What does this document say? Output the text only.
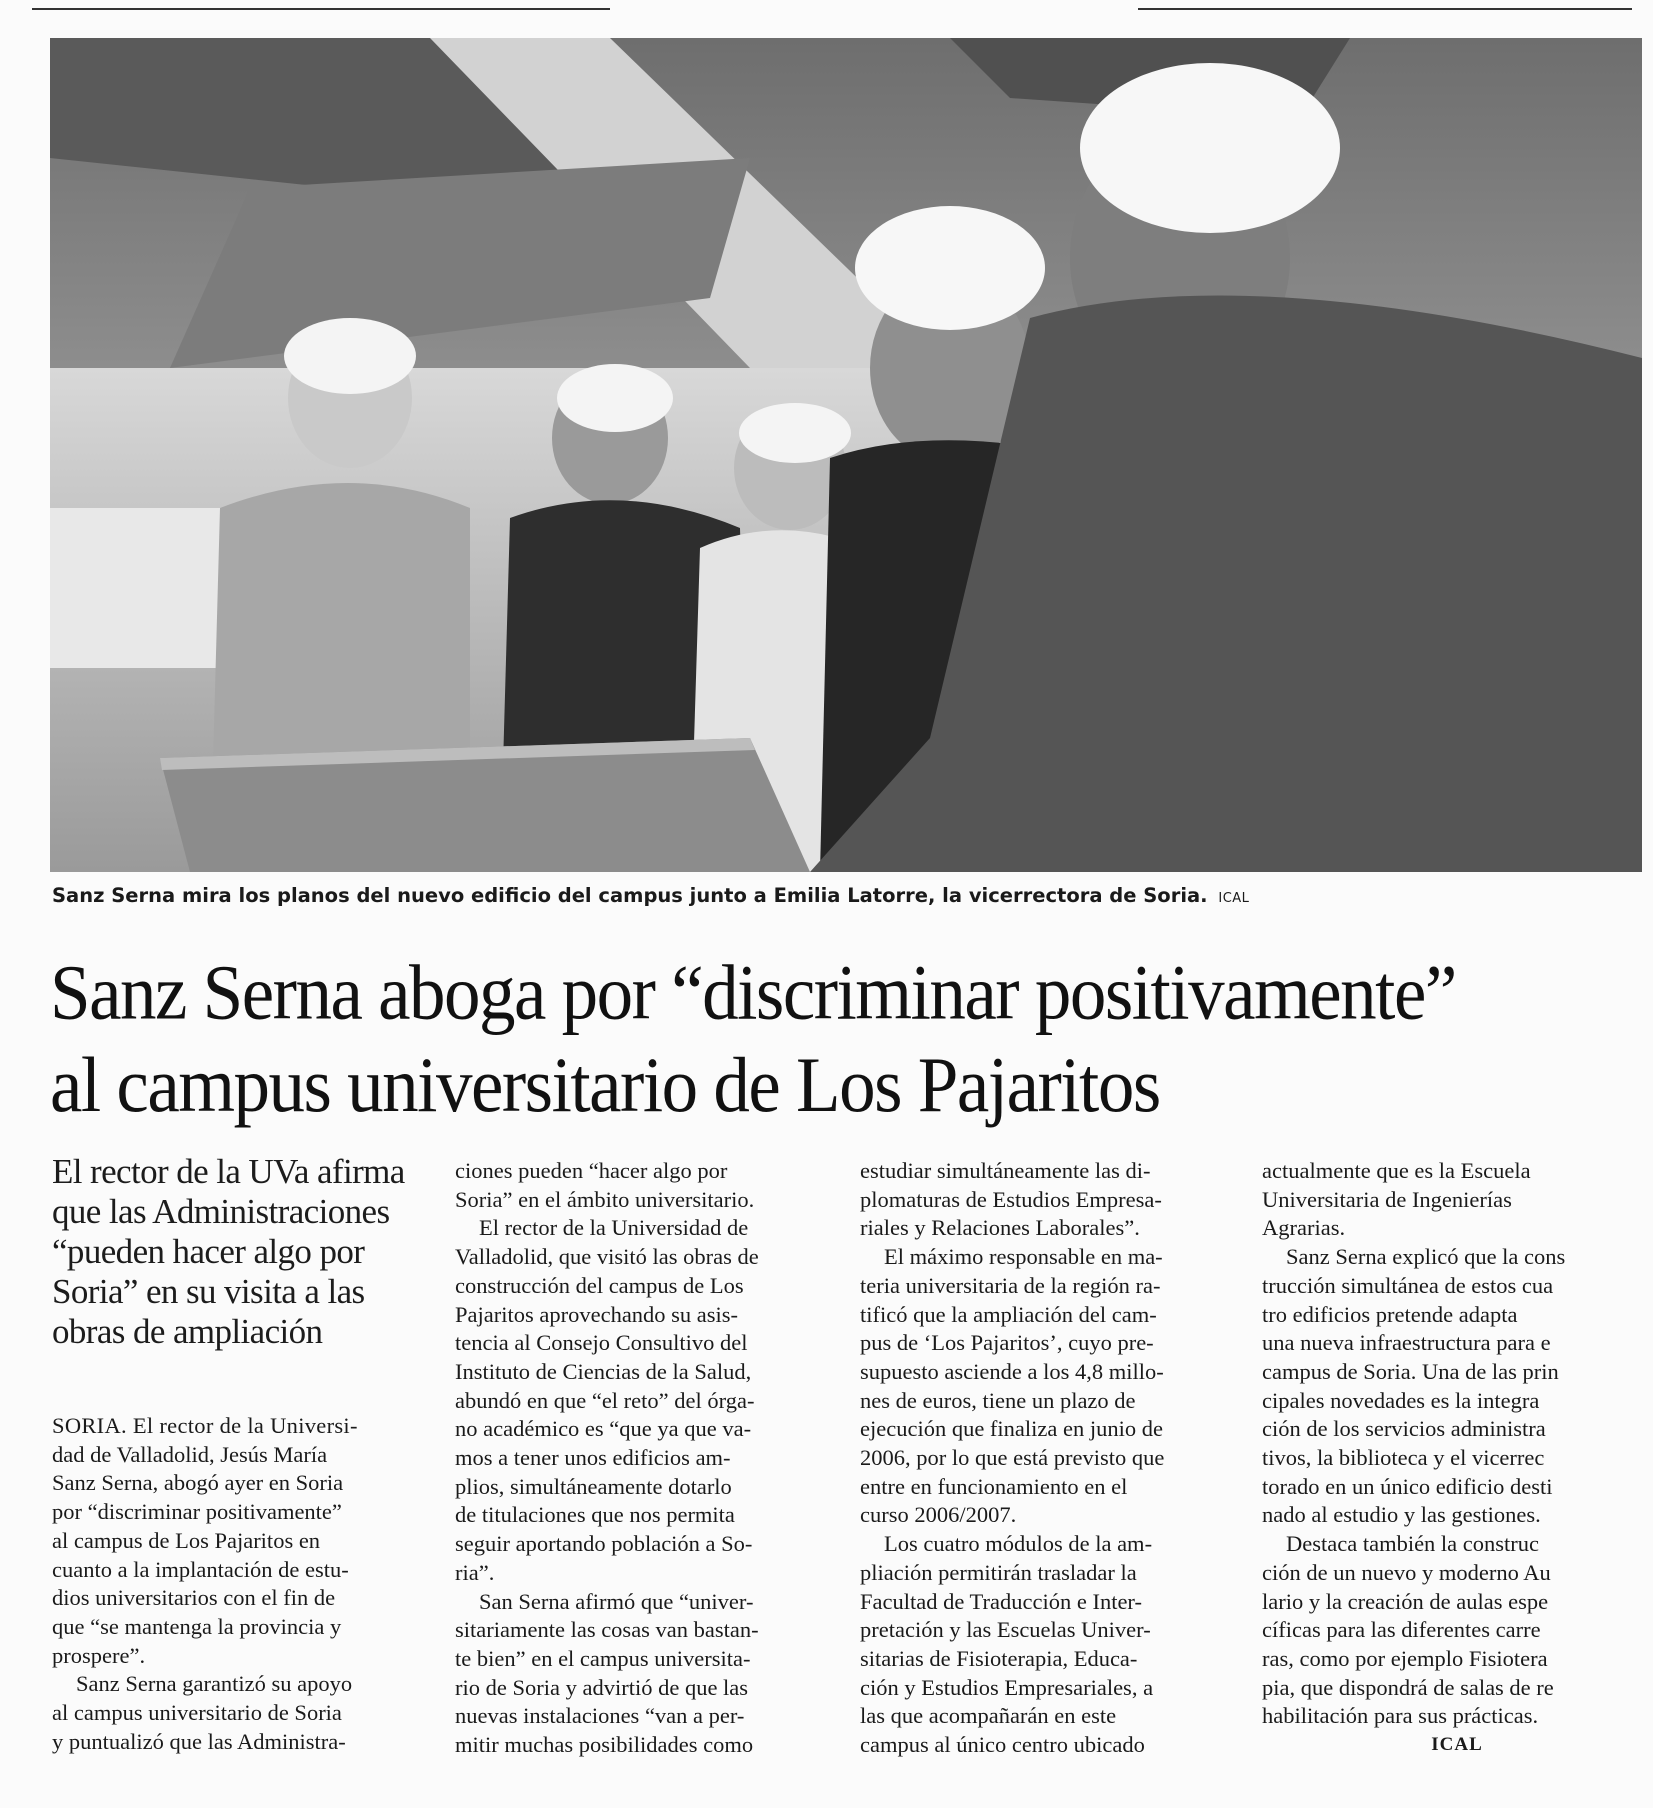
Sanz Serna mira los planos del nuevo edificio del campus junto a Emilia Latorre, la vicerrectora de Soria. ICAL
Sanz Serna aboga por “discriminar positivamente”
al campus universitario de Los Pajaritos
El rector de la UVa afirma
que las Administraciones
“pueden hacer algo por
Soria” en su visita a las
obras de ampliación
SORIA. El rector de la Universi-
dad de Valladolid, Jesús María
Sanz Serna, abogó ayer en Soria
por “discriminar positivamente”
al campus de Los Pajaritos en
cuanto a la implantación de estu-
dios universitarios con el fin de
que “se mantenga la provincia y
prospere”.
Sanz Serna garantizó su apoyo
al campus universitario de Soria
y puntualizó que las Administra-
ciones pueden “hacer algo por
Soria” en el ámbito universitario.
El rector de la Universidad de
Valladolid, que visitó las obras de
construcción del campus de Los
Pajaritos aprovechando su asis-
tencia al Consejo Consultivo del
Instituto de Ciencias de la Salud,
abundó en que “el reto” del órga-
no académico es “que ya que va-
mos a tener unos edificios am-
plios, simultáneamente dotarlo
de titulaciones que nos permita
seguir aportando población a So-
ria”.
San Serna afirmó que “univer-
sitariamente las cosas van bastan-
te bien” en el campus universita-
rio de Soria y advirtió de que las
nuevas instalaciones “van a per-
mitir muchas posibilidades como
estudiar simultáneamente las di-
plomaturas de Estudios Empresa-
riales y Relaciones Laborales”.
El máximo responsable en ma-
teria universitaria de la región ra-
tificó que la ampliación del cam-
pus de ‘Los Pajaritos’, cuyo pre-
supuesto asciende a los 4,8 millo-
nes de euros, tiene un plazo de
ejecución que finaliza en junio de
2006, por lo que está previsto que
entre en funcionamiento en el
curso 2006/2007.
Los cuatro módulos de la am-
pliación permitirán trasladar la
Facultad de Traducción e Inter-
pretación y las Escuelas Univer-
sitarias de Fisioterapia, Educa-
ción y Estudios Empresariales, a
las que acompañarán en este
campus al único centro ubicado
actualmente que es la Escuela
Universitaria de Ingenierías
Agrarias.
Sanz Serna explicó que la cons
trucción simultánea de estos cua
tro edificios pretende adapta
una nueva infraestructura para e
campus de Soria. Una de las prin
cipales novedades es la integra
ción de los servicios administra
tivos, la biblioteca y el vicerrec
torado en un único edificio desti
nado al estudio y las gestiones.
Destaca también la construc
ción de un nuevo y moderno Au
lario y la creación de aulas espe
cíficas para las diferentes carre
ras, como por ejemplo Fisiotera
pia, que dispondrá de salas de re
habilitación para sus prácticas.
ICAL
